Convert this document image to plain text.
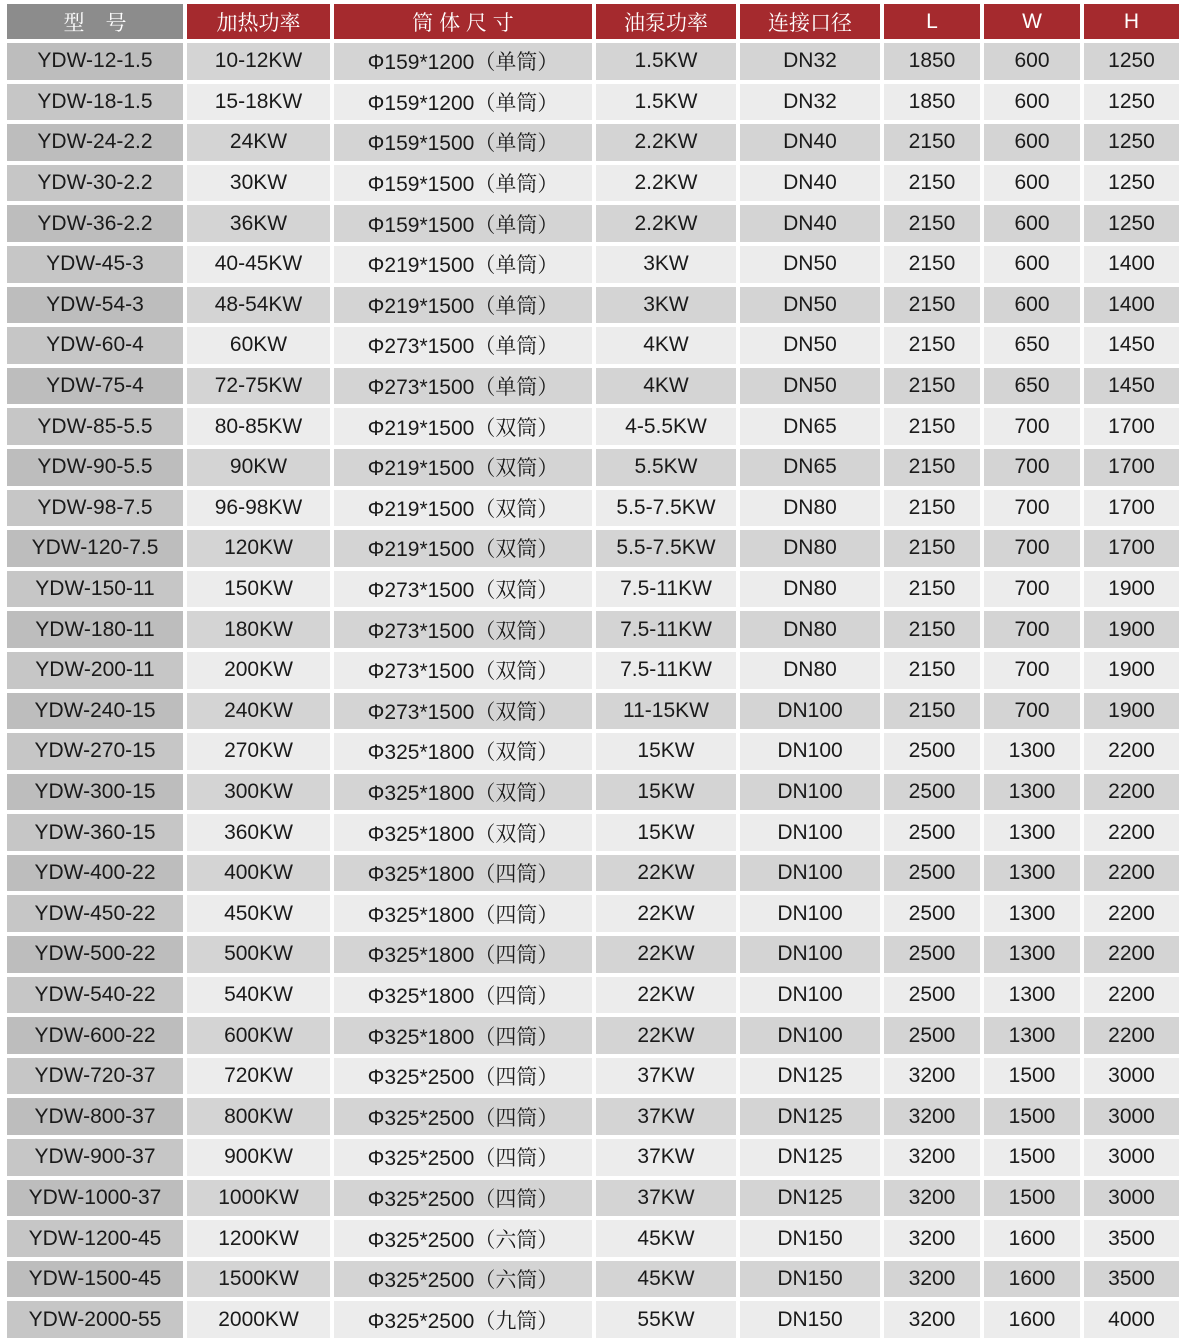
型　号	加热功率	筒 体 尺 寸	油泵功率	连接口径	L	W	H
YDW-12-1.5	10-12KW	Φ159*1200（单筒）	1.5KW	DN32	1850	600	1250
YDW-18-1.5	15-18KW	Φ159*1200（单筒）	1.5KW	DN32	1850	600	1250
YDW-24-2.2	24KW	Φ159*1500（单筒）	2.2KW	DN40	2150	600	1250
YDW-30-2.2	30KW	Φ159*1500（单筒）	2.2KW	DN40	2150	600	1250
YDW-36-2.2	36KW	Φ159*1500（单筒）	2.2KW	DN40	2150	600	1250
YDW-45-3	40-45KW	Φ219*1500（单筒）	3KW	DN50	2150	600	1400
YDW-54-3	48-54KW	Φ219*1500（单筒）	3KW	DN50	2150	600	1400
YDW-60-4	60KW	Φ273*1500（单筒）	4KW	DN50	2150	650	1450
YDW-75-4	72-75KW	Φ273*1500（单筒）	4KW	DN50	2150	650	1450
YDW-85-5.5	80-85KW	Φ219*1500（双筒）	4-5.5KW	DN65	2150	700	1700
YDW-90-5.5	90KW	Φ219*1500（双筒）	5.5KW	DN65	2150	700	1700
YDW-98-7.5	96-98KW	Φ219*1500（双筒）	5.5-7.5KW	DN80	2150	700	1700
YDW-120-7.5	120KW	Φ219*1500（双筒）	5.5-7.5KW	DN80	2150	700	1700
YDW-150-11	150KW	Φ273*1500（双筒）	7.5-11KW	DN80	2150	700	1900
YDW-180-11	180KW	Φ273*1500（双筒）	7.5-11KW	DN80	2150	700	1900
YDW-200-11	200KW	Φ273*1500（双筒）	7.5-11KW	DN80	2150	700	1900
YDW-240-15	240KW	Φ273*1500（双筒）	11-15KW	DN100	2150	700	1900
YDW-270-15	270KW	Φ325*1800（双筒）	15KW	DN100	2500	1300	2200
YDW-300-15	300KW	Φ325*1800（双筒）	15KW	DN100	2500	1300	2200
YDW-360-15	360KW	Φ325*1800（双筒）	15KW	DN100	2500	1300	2200
YDW-400-22	400KW	Φ325*1800（四筒）	22KW	DN100	2500	1300	2200
YDW-450-22	450KW	Φ325*1800（四筒）	22KW	DN100	2500	1300	2200
YDW-500-22	500KW	Φ325*1800（四筒）	22KW	DN100	2500	1300	2200
YDW-540-22	540KW	Φ325*1800（四筒）	22KW	DN100	2500	1300	2200
YDW-600-22	600KW	Φ325*1800（四筒）	22KW	DN100	2500	1300	2200
YDW-720-37	720KW	Φ325*2500（四筒）	37KW	DN125	3200	1500	3000
YDW-800-37	800KW	Φ325*2500（四筒）	37KW	DN125	3200	1500	3000
YDW-900-37	900KW	Φ325*2500（四筒）	37KW	DN125	3200	1500	3000
YDW-1000-37	1000KW	Φ325*2500（四筒）	37KW	DN125	3200	1500	3000
YDW-1200-45	1200KW	Φ325*2500（六筒）	45KW	DN150	3200	1600	3500
YDW-1500-45	1500KW	Φ325*2500（六筒）	45KW	DN150	3200	1600	3500
YDW-2000-55	2000KW	Φ325*2500（九筒）	55KW	DN150	3200	1600	4000
